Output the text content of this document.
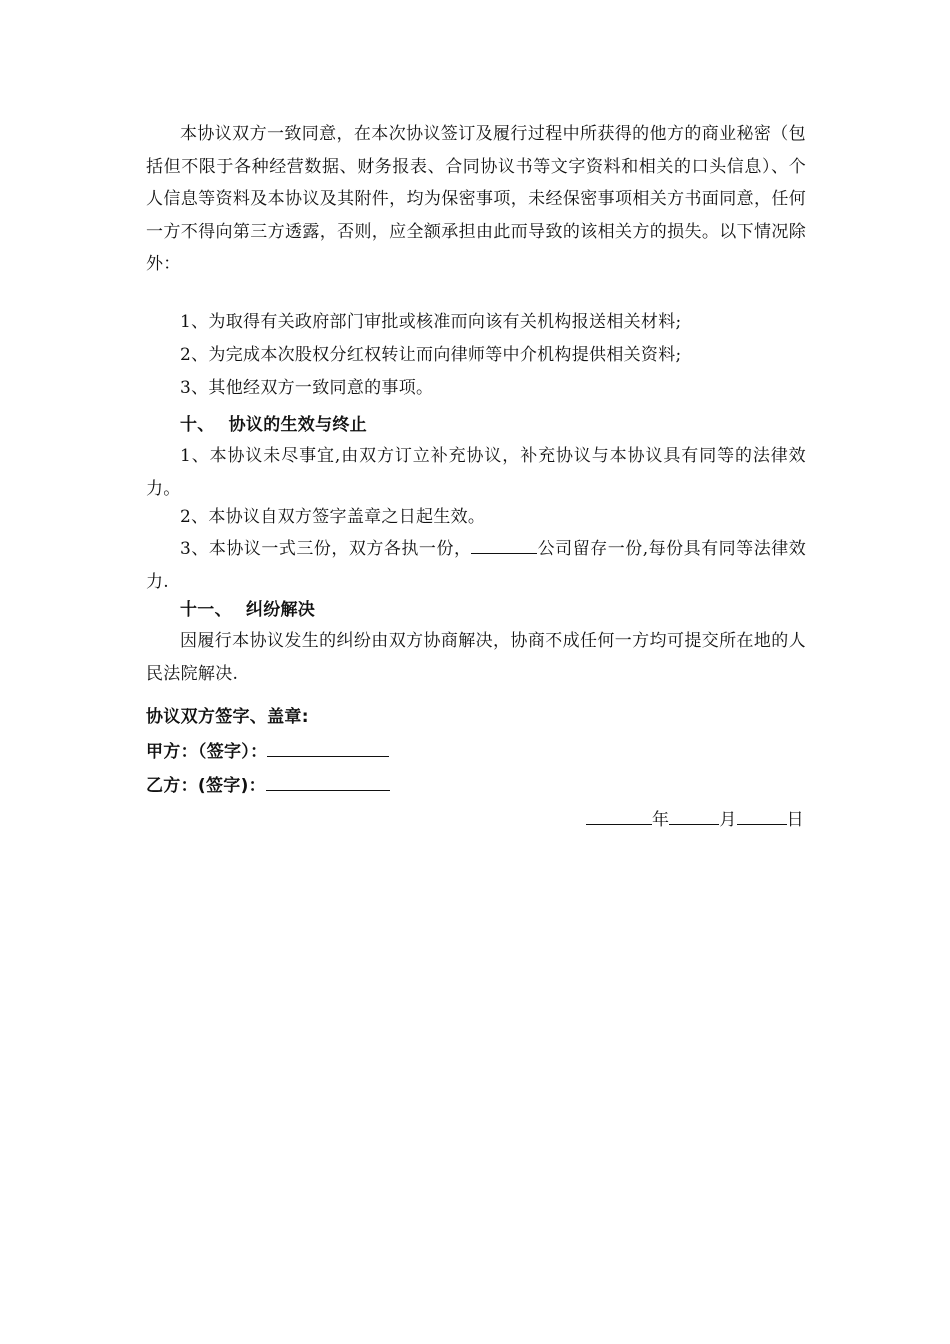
本协议双方一致同意，在本次协议签订及履行过程中所获得的他方的商业秘密（包括但不限于各种经营数据、财务报表、合同协议书等文字资料和相关的口头信息）、个人信息等资料及本协议及其附件，均为保密事项，未经保密事项相关方书面同意，任何一方不得向第三方透露，否则，应全额承担由此而导致的该相关方的损失。以下情况除外：

1、为取得有关政府部门审批或核准而向该有关机构报送相关材料;

2、为完成本次股权分红权转让而向律师等中介机构提供相关资料;

3、其他经双方一致同意的事项。

十、 协议的生效与终止

1、本协议未尽事宜,由双方订立补充协议，补充协议与本协议具有同等的法律效力。

2、本协议自双方签字盖章之日起生效。

3、本协议一式三份，双方各执一份，	公司留存一份,每份具有同等法律效力.

十一、 纠纷解决

因履行本协议发生的纠纷由双方协商解决，协商不成任何一方均可提交所在地的人民法院解决.

协议双方签字、盖章:

甲方：（签字）：

乙方：(签字)：

年	月	日
